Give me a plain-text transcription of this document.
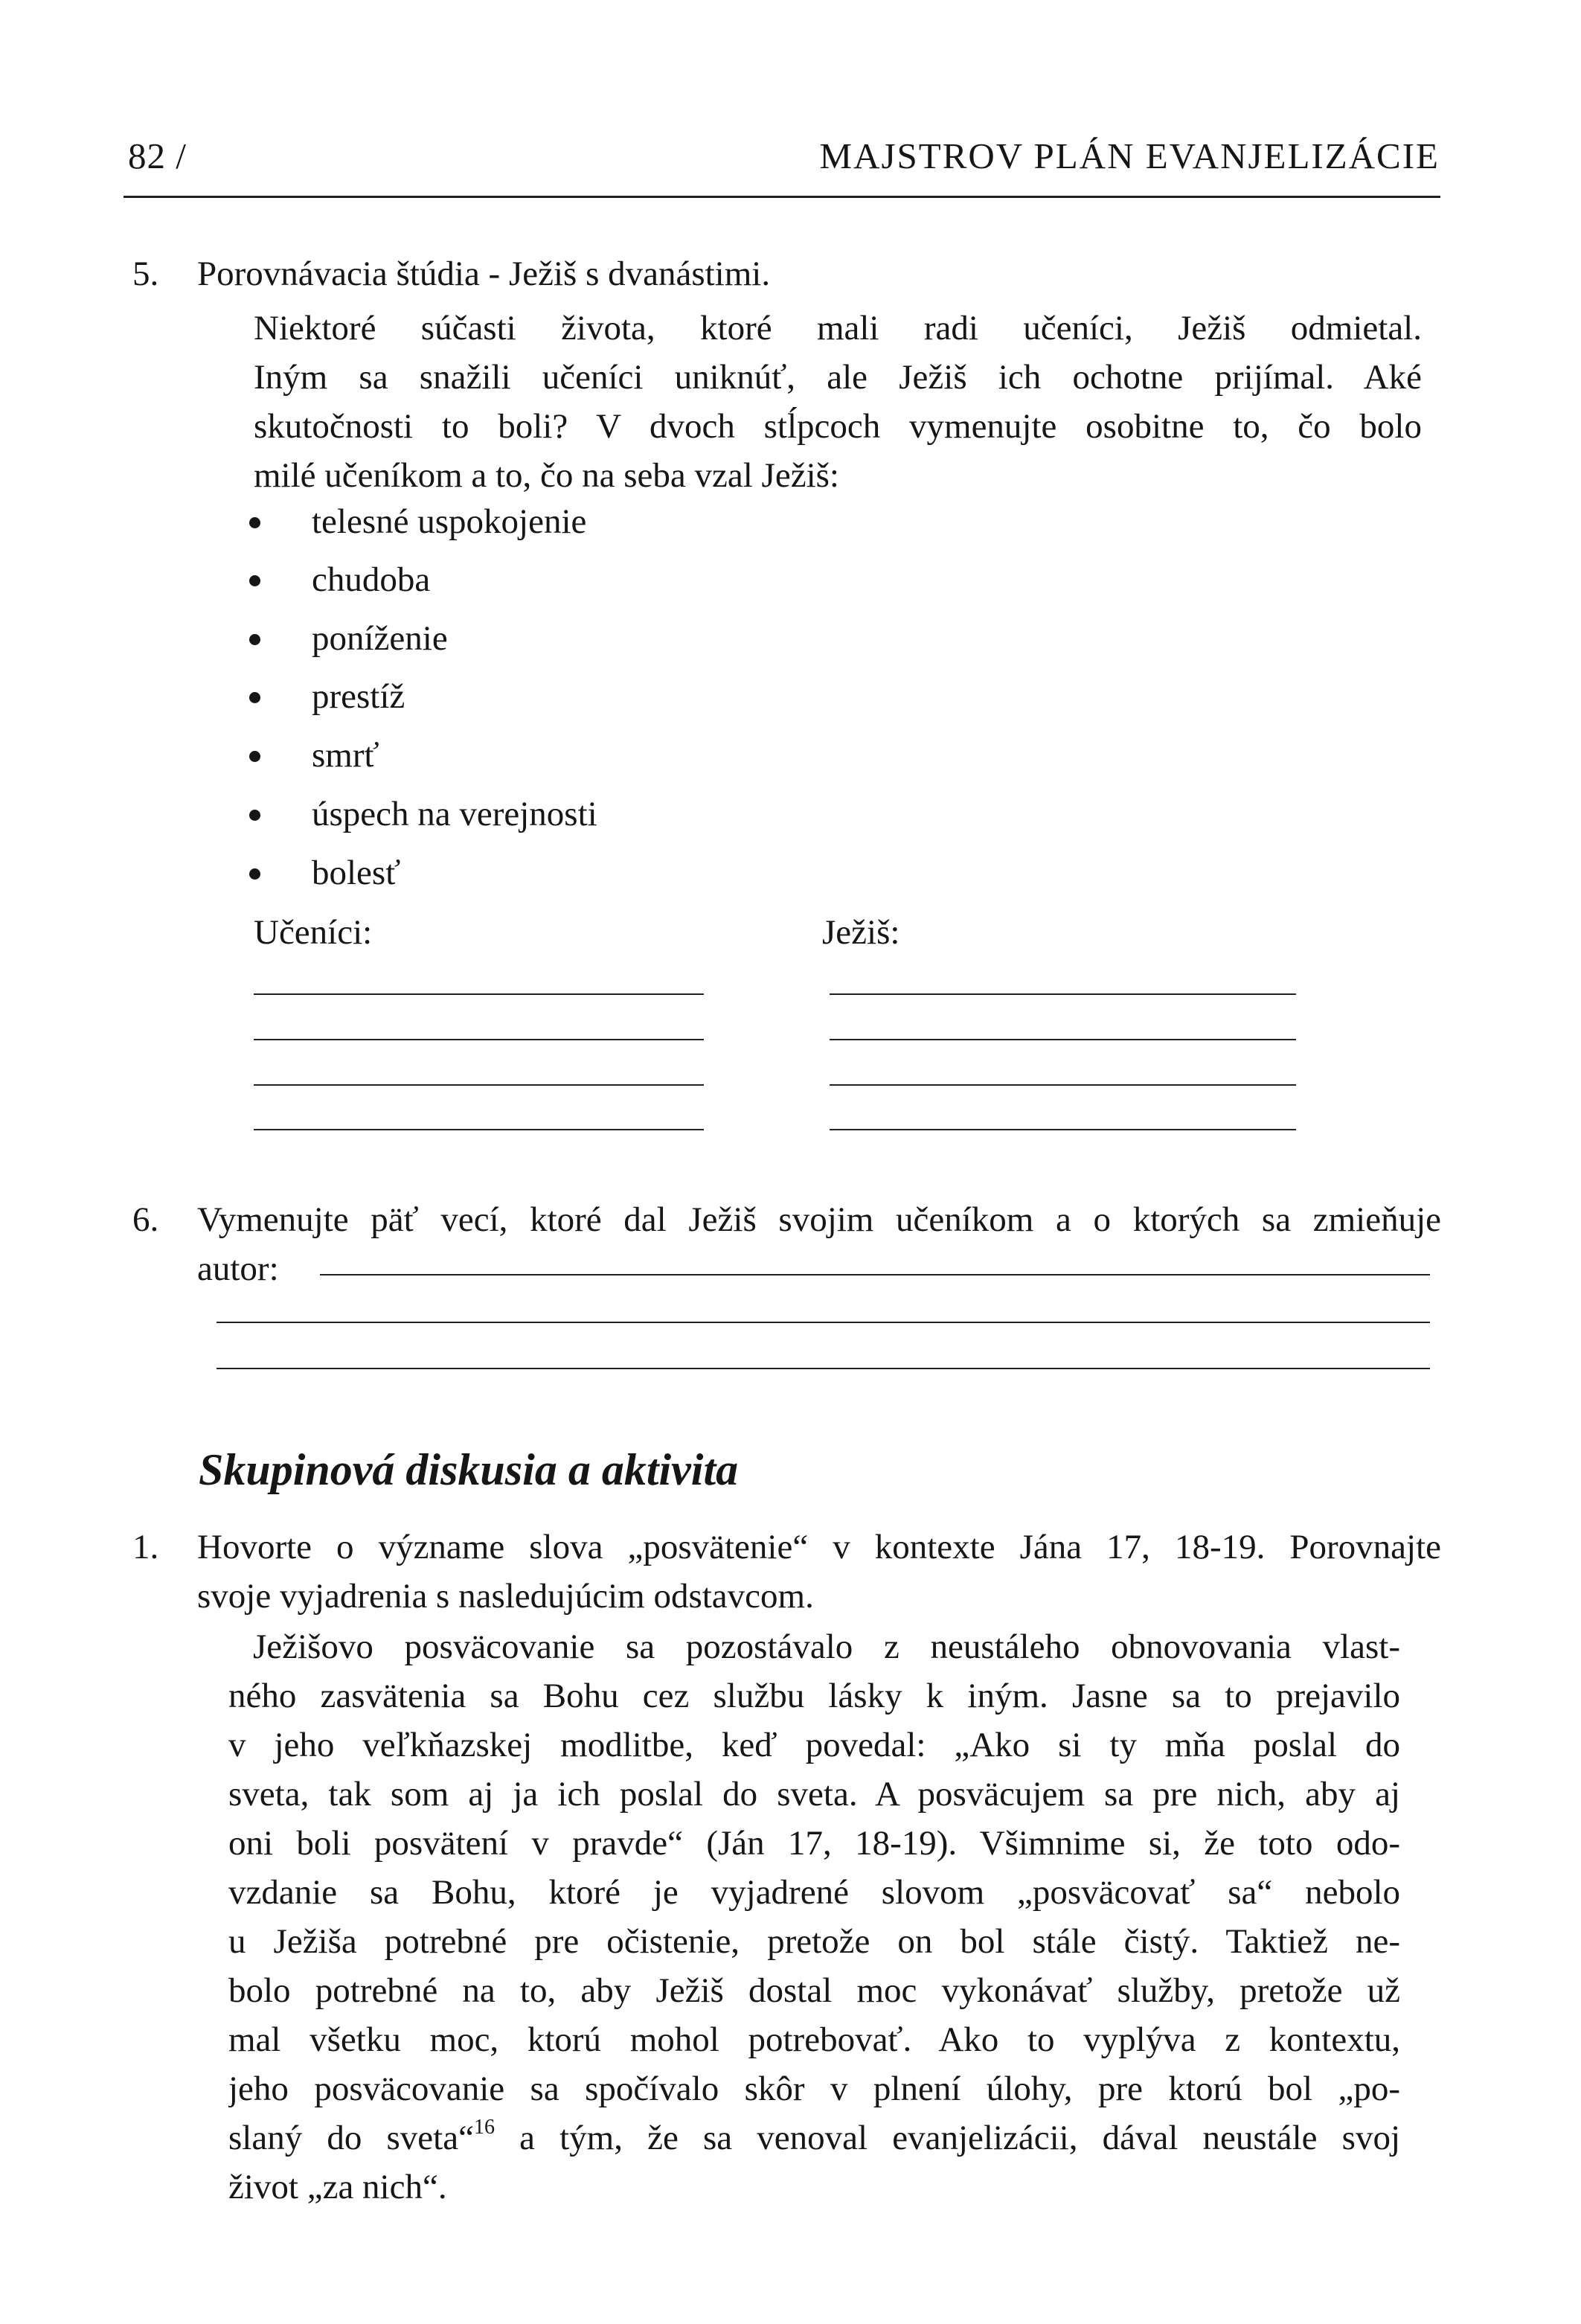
82 /	MAJSTROV PLÁN EVANJELIZÁCIE
5. Porovnávacia štúdia - Ježiš s dvanástimi.
Niektoré súčasti života, ktoré mali radi učeníci, Ježiš odmietal.
Iným sa snažili učeníci uniknúť, ale Ježiš ich ochotne prijímal. Aké
skutočnosti to boli? V dvoch stĺpcoch vymenujte osobitne to, čo bolo
milé učeníkom a to, čo na seba vzal Ježiš:
telesné uspokojenie
chudoba
poníženie
prestíž
smrť
úspech na verejnosti
bolesť
Učeníci:	Ježiš:
6. Vymenujte päť vecí, ktoré dal Ježiš svojim učeníkom a o ktorých sa zmieňuje
autor:
Skupinová diskusia a aktivita
1. Hovorte o význame slova „posvätenie“ v kontexte Jána 17, 18-19. Porovnajte
svoje vyjadrenia s nasledujúcim odstavcom.
Ježišovo posväcovanie sa pozostávalo z neustáleho obnovovania vlast-
ného zasvätenia sa Bohu cez službu lásky k iným. Jasne sa to prejavilo
v jeho veľkňazskej modlitbe, keď povedal: „Ako si ty mňa poslal do
sveta, tak som aj ja ich poslal do sveta. A posväcujem sa pre nich, aby aj
oni boli posvätení v pravde“ (Ján 17, 18-19). Všimnime si, že toto odo-
vzdanie sa Bohu, ktoré je vyjadrené slovom „posväcovať sa“ nebolo
u Ježiša potrebné pre očistenie, pretože on bol stále čistý. Taktiež ne-
bolo potrebné na to, aby Ježiš dostal moc vykonávať služby, pretože už
mal všetku moc, ktorú mohol potrebovať. Ako to vyplýva z kontextu,
jeho posväcovanie sa spočívalo skôr v plnení úlohy, pre ktorú bol „po-
slaný do sveta“$^{16}$ a tým, že sa venoval evanjelizácii, dával neustále svoj
život „za nich“.
